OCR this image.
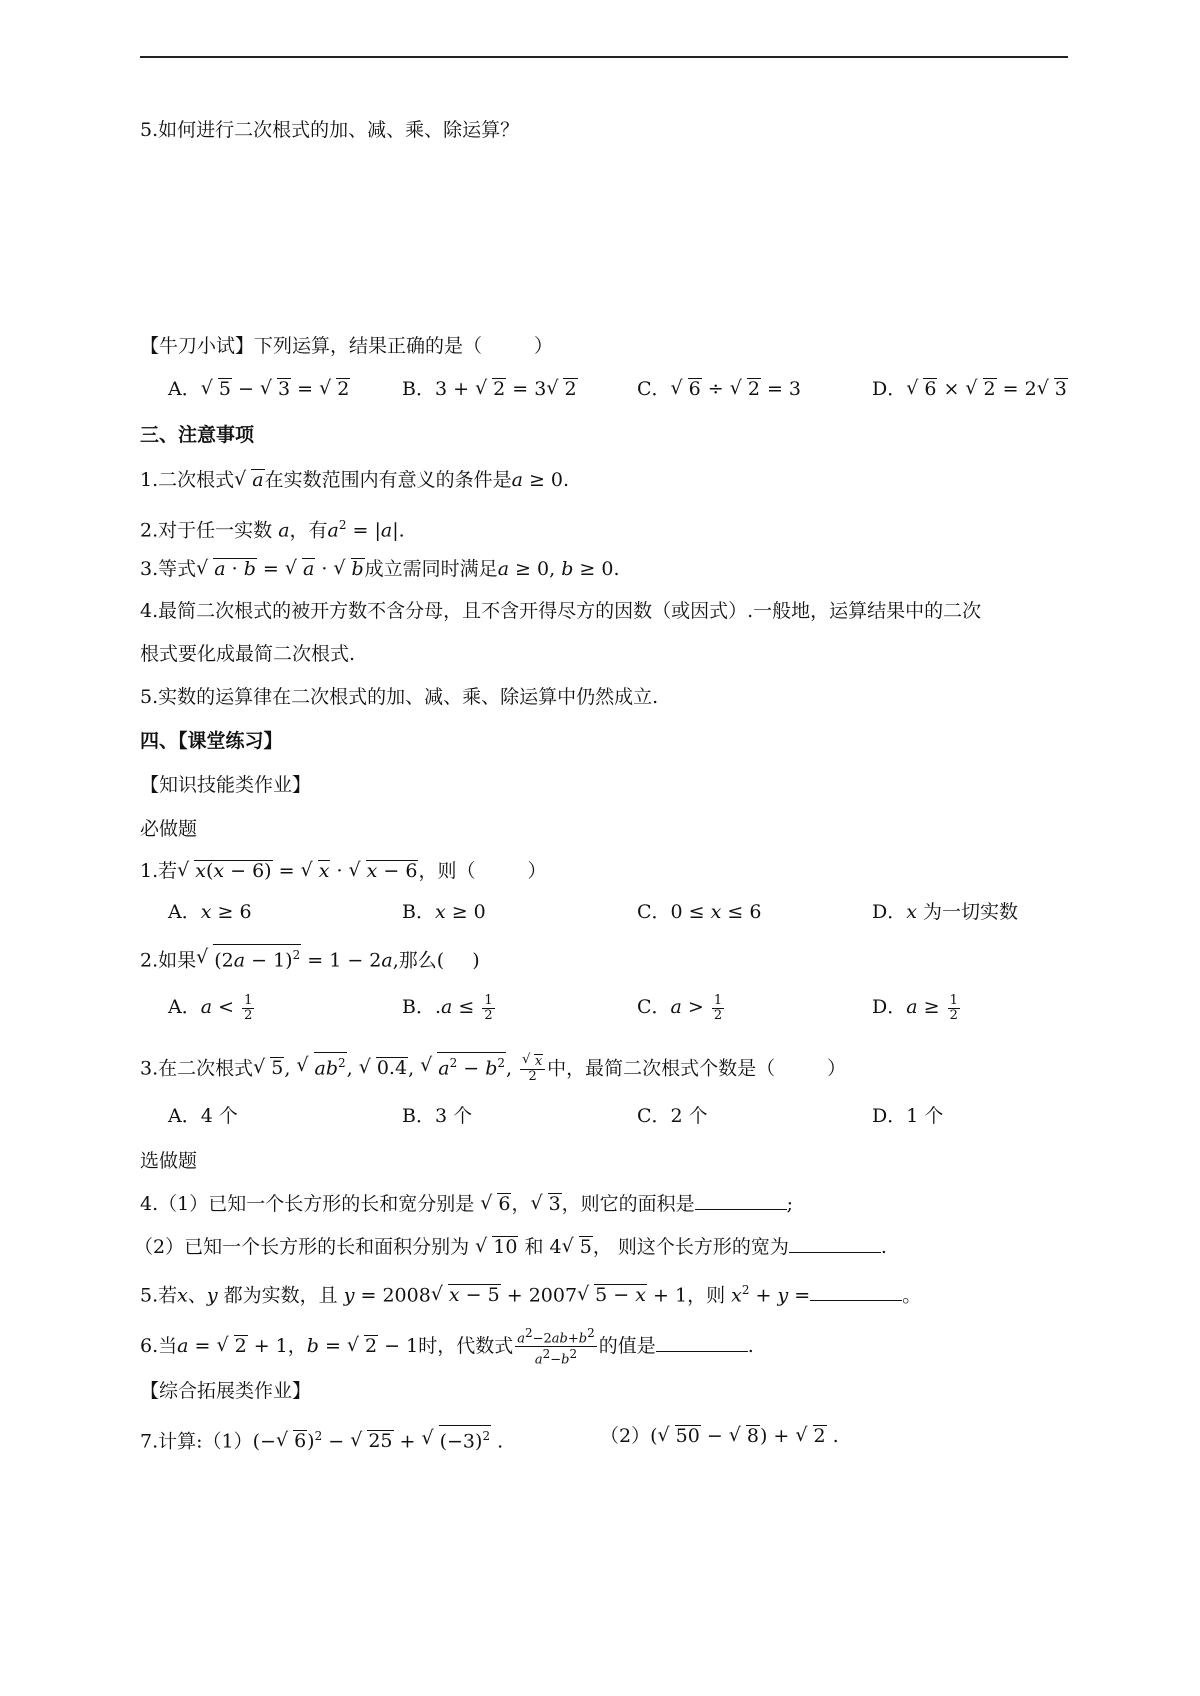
5.如何进行二次根式的加、减、乘、除运算？
【牛刀小试】下列运算，结果正确的是（	）
A． √ 5 − √ 3 = √ 2	B．3 + √ 2 = 3 √ 2	C． √ 6 ÷ √ 2 = 3	D． √ 6 × √ 2 = 2 √ 3
三、注意事项
1.二次根式 √ a在实数范围内有意义的条件是a ≥ 0.
2.对于任一实数 a，有$a^2 = |a|$.
3.等式 √ a · b = √ a · √ b成立需同时满足a ≥ 0, b ≥ 0.
4.最简二次根式的被开方数不含分母，且不含开得尽方的因数（或因式）.一般地，运算结果中的二次
根式要化成最简二次根式.
5.实数的运算律在二次根式的加、减、乘、除运算中仍然成立.
四、【课堂练习】
【知识技能类作业】
必做题
1.若 √ x(x − 6) = √ x · √ x − 6，则（	）
A．x ≥ 6	B．x ≥ 0	C．0 ≤ x ≤ 6	D．x 为一切实数
2.如果 √ $(2a - 1)^2 = 1 - 2a$,那么( )
A．$a < \frac{1}{2}$	B．$.a \le \frac{1}{2}$	C．$a > \frac{1}{2}$	D．$a \ge \frac{1}{2}$
3.在二次根式 √ 5, √ $ab^2$, √ 0.4, √ $a^2 - b^2$, √ $\frac{x}{2}$ 中，最简二次根式个数是（	）
A．4 个	B．3 个	C．2 个	D．1 个
选做题
4.（1）已知一个长方形的长和宽分别是 √ 6， √ 3，则它的面积是	;
（2）已知一个长方形的长和面积分别为 √ 10 和 4 √ 5， 则这个长方形的宽为	.
5.若x、y 都为实数，且 y = 2008 √ x − 5 + 2007 √ 5 − x + 1，则 $x^2 + y$ =	。
6.当a = √ 2 + 1，b = √ 2 − 1时，代数式 $\frac{a^2-2ab+b^2}{a^2-b^2}$ 的值是	.
【综合拓展类作业】
7.计算:（1）(− √ 6)$^2$ − √ 25 + √ $(-3)^2$ .	（2）( √ 50 − √ 8) + √ 2 .
